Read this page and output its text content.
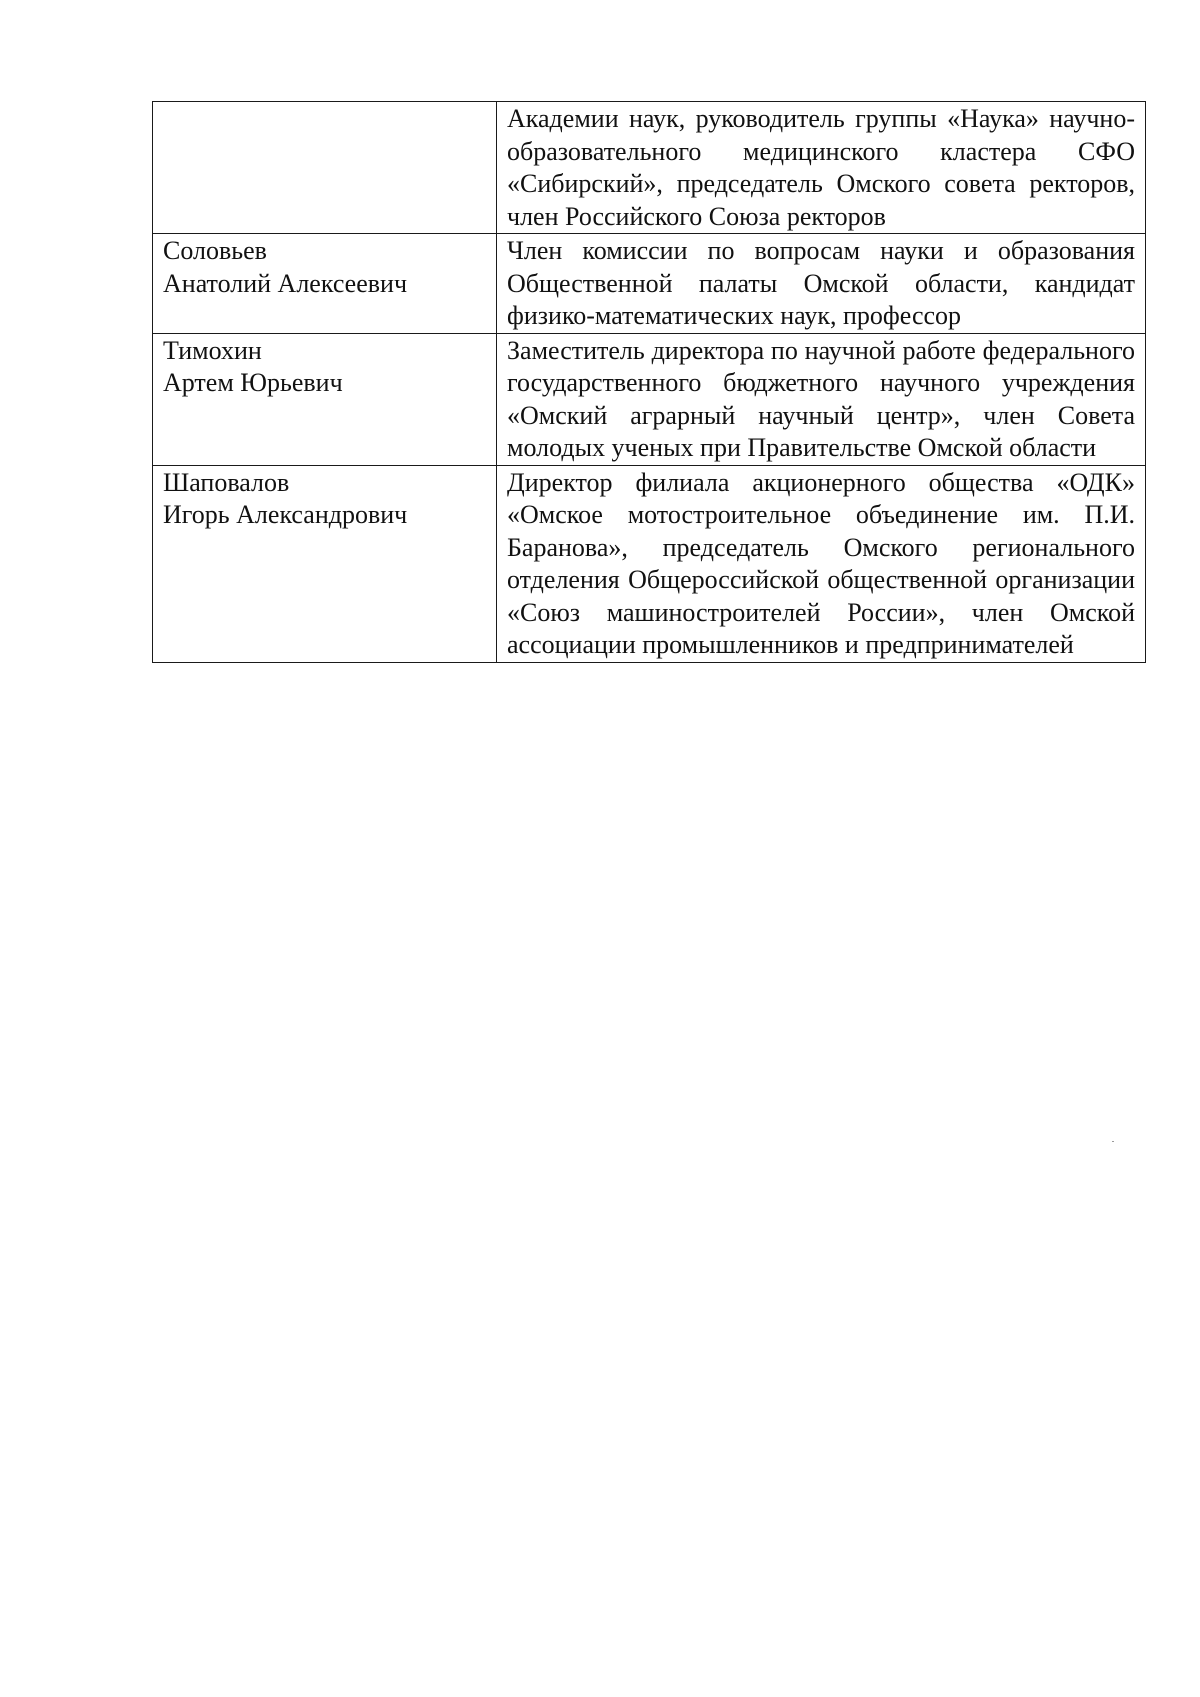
	Академии наук, руководитель группы «Наука» научно-образовательного медицинского кластера СФО «Сибирский», председатель Омского совета ректоров, член Российского Союза ректоров

Соловьев
Анатолий Алексеевич	Член комиссии по вопросам науки и образования Общественной палаты Омской области, кандидат физико-математических наук, профессор

Тимохин
Артем Юрьевич	Заместитель директора по научной работе федерального государственного бюджетного научного учреждения «Омский аграрный научный центр», член Совета молодых ученых при Правительстве Омской области

Шаповалов
Игорь Александрович	Директор филиала акционерного общества «ОДК» «Омское мотостроительное объединение им. П.И. Баранова», председатель Омского регионального отделения Общероссийской общественной организации «Союз машиностроителей России», член Омской ассоциации промышленников и предпринимателей
